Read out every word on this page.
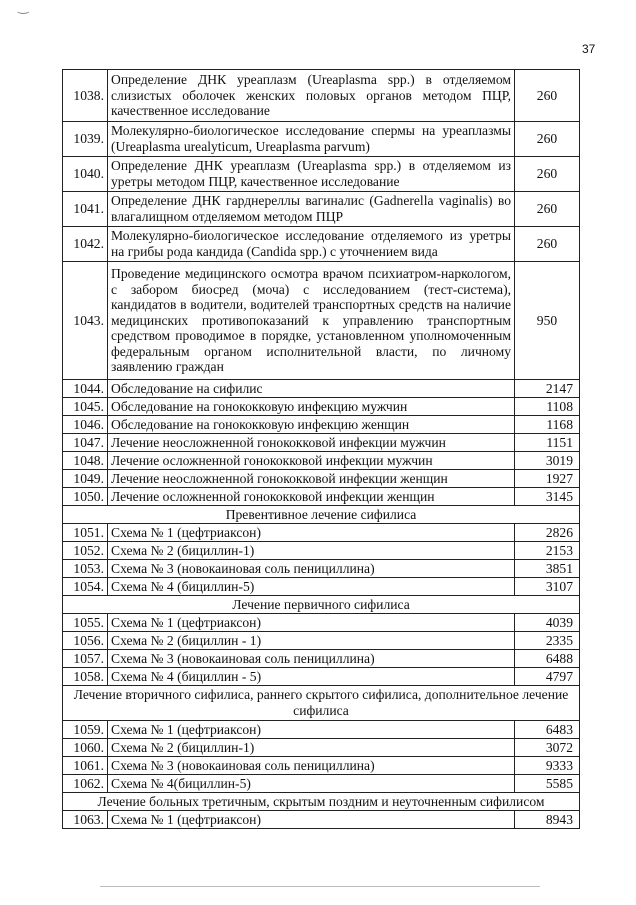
‿
37
1038.	Определение ДНК уреаплазм (Ureaplasma spp.) в отделяемом слизистых оболочек женских половых органов методом ПЦР, качественное исследование	260
1039.	Молекулярно-биологическое исследование спермы на уреаплазмы (Ureaplasma urealyticum, Ureaplasma parvum)	260
1040.	Определение ДНК уреаплазм (Ureaplasma spp.) в отделяемом из уретры методом ПЦР, качественное исследование	260
1041.	Определение ДНК гарднереллы вагиналис (Gadnerella vaginalis) во влагалищном отделяемом методом ПЦР	260
1042.	Молекулярно-биологическое исследование отделяемого из уретры на грибы рода кандида (Candida spp.) с уточнением вида	260
1043.	Проведение медицинского осмотра врачом психиатром-наркологом, с забором биосред (моча) с исследованием (тест-система), кандидатов в водители, водителей транспортных средств на наличие медицинских противопоказаний к управлению транспортным средством проводимое в порядке, установленном уполномоченным федеральным органом исполнительной власти, по личному заявлению граждан	950
1044.	Обследование на сифилис	2147
1045.	Обследование на гонококковую инфекцию мужчин	1108
1046.	Обследование на гонококковую инфекцию женщин	1168
1047.	Лечение неосложненной гонококковой инфекции мужчин	1151
1048.	Лечение осложненной гонококковой инфекции мужчин	3019
1049.	Лечение неосложненной гонококковой инфекции женщин	1927
1050.	Лечение осложненной гонококковой инфекции женщин	3145
Превентивное лечение сифилиса		
1051.	Схема № 1 (цефтриаксон)	2826
1052.	Схема № 2 (бициллин-1)	2153
1053.	Схема № 3 (новокаиновая соль пенициллина)	3851
1054.	Схема № 4 (бициллин-5)	3107
Лечение первичного сифилиса		
1055.	Схема № 1 (цефтриаксон)	4039
1056.	Схема № 2 (бициллин - 1)	2335
1057.	Схема № 3 (новокаиновая соль пенициллина)	6488
1058.	Схема № 4 (бициллин - 5)	4797
Лечение вторичного сифилиса, раннего скрытого сифилиса, дополнительное лечение сифилиса		
1059.	Схема № 1 (цефтриаксон)	6483
1060.	Схема № 2 (бициллин-1)	3072
1061.	Схема № 3 (новокаиновая соль пенициллина)	9333
1062.	Схема № 4(бициллин-5)	5585
Лечение больных третичным, скрытым поздним и неуточненным сифилисом		
1063.	Схема № 1 (цефтриаксон)	8943
